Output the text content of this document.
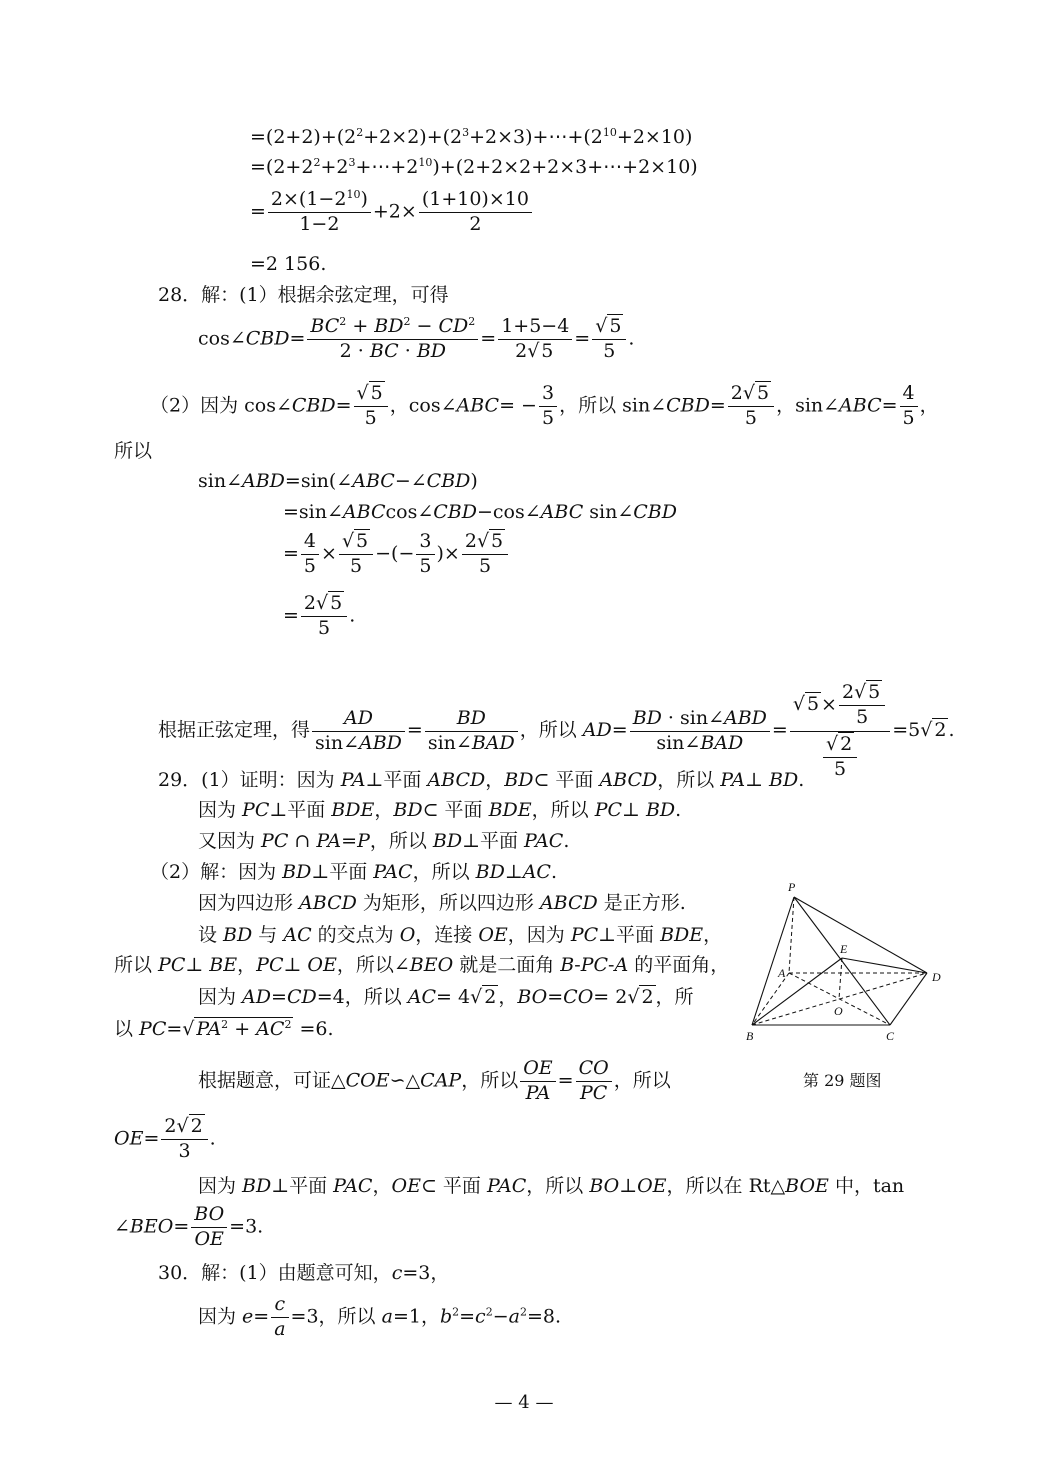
$=(2+2)+(2^2+2\times 2)+(2^3+2\times 3)+\cdots+(2^{10}+2\times 10)$
$=(2+2^2+2^3+\cdots+2^{10})+(2+2\times 2+2\times 3+\cdots+2\times 10)$
= $\frac{2\times(1-2^{10})}{1-2} +2\times \frac{(1+10)\times 10}{2}$
=2 156.
28．解：(1）根据余弦定理，可得
cos∠CBD= $\frac{BC^2 + BD^2 - CD^2}{2 \cdot BC \cdot BD} = \frac{1+5-4}{2√ 5} = \frac{√ 5}{5}$ .
（2）因为 cos∠CBD= $\frac{√ 5}{5}$ ，cos∠ABC= − $\frac{3}{5}$ ，所以 sin∠CBD= $\frac{2√ 5}{5}$ ，sin∠ABC= $\frac{4}{5}$ ，
所以
sin∠ABD=sin(∠ABC−∠CBD)
=sin∠ABCcos∠CBD−cos∠ABC sin∠CBD
= $\frac{4}{5} \times \frac{√ 5}{5}$ −(− $\frac{3}{5}$ )× $\frac{2√ 5}{5}$
= $\frac{2√ 5}{5}$ .
根据正弦定理，得 $\frac{AD}{\text{sin∠ABD}} = \frac{BD}{\text{sin∠BAD}}$ ，所以 $AD= \frac{\text{BD · sin∠ABD}}{\text{sin∠BAD}} = \frac{√ 5 \times \frac{2√ 5}{5}}{\frac{√ 2}{5}} =5√$ 2 .
29．(1）证明：因为 PA⊥平面 ABCD，BD⊂ 平面 ABCD，所以 PA⊥ BD.
因为 PC⊥平面 BDE，BD⊂ 平面 BDE，所以 PC⊥ BD.
又因为 PC ∩ PA=P，所以 BD⊥平面 PAC.
（2）解：因为 BD⊥平面 PAC，所以 BD⊥AC.
因为四边形 ABCD 为矩形，所以四边形 ABCD 是正方形.
设 BD 与 AC 的交点为 O，连接 OE，因为 PC⊥平面 BDE，
所以 PC⊥ BE，PC⊥ OE，所以∠BEO 就是二面角 B-PC-A 的平面角，
因为 AD=CD=4，所以 AC= 4√ 2 ，BO=CO= 2√ 2 ，所
以 PC=√ $PA^2 + AC^2 =6$.
根据题意，可证△COE∽△CAP，所以 $\frac{OE}{PA} = \frac{CO}{PC}$ ，所以
$OE= \frac{2√ 2}{3}$ .
因为 BD⊥平面 PAC，OE⊂ 平面 PAC，所以 BO⊥OE，所以在 Rt△BOE 中，tan
∠BEO= $\frac{BO}{OE} =3$.
30．解：(1）由题意可知，c=3，
因为 $e= \frac{c}{a} =3$，所以 a=1，$b^2=c^2-a^2=8$.
P
E
A	D
O
B	C
第 29 题图
— 4 —
